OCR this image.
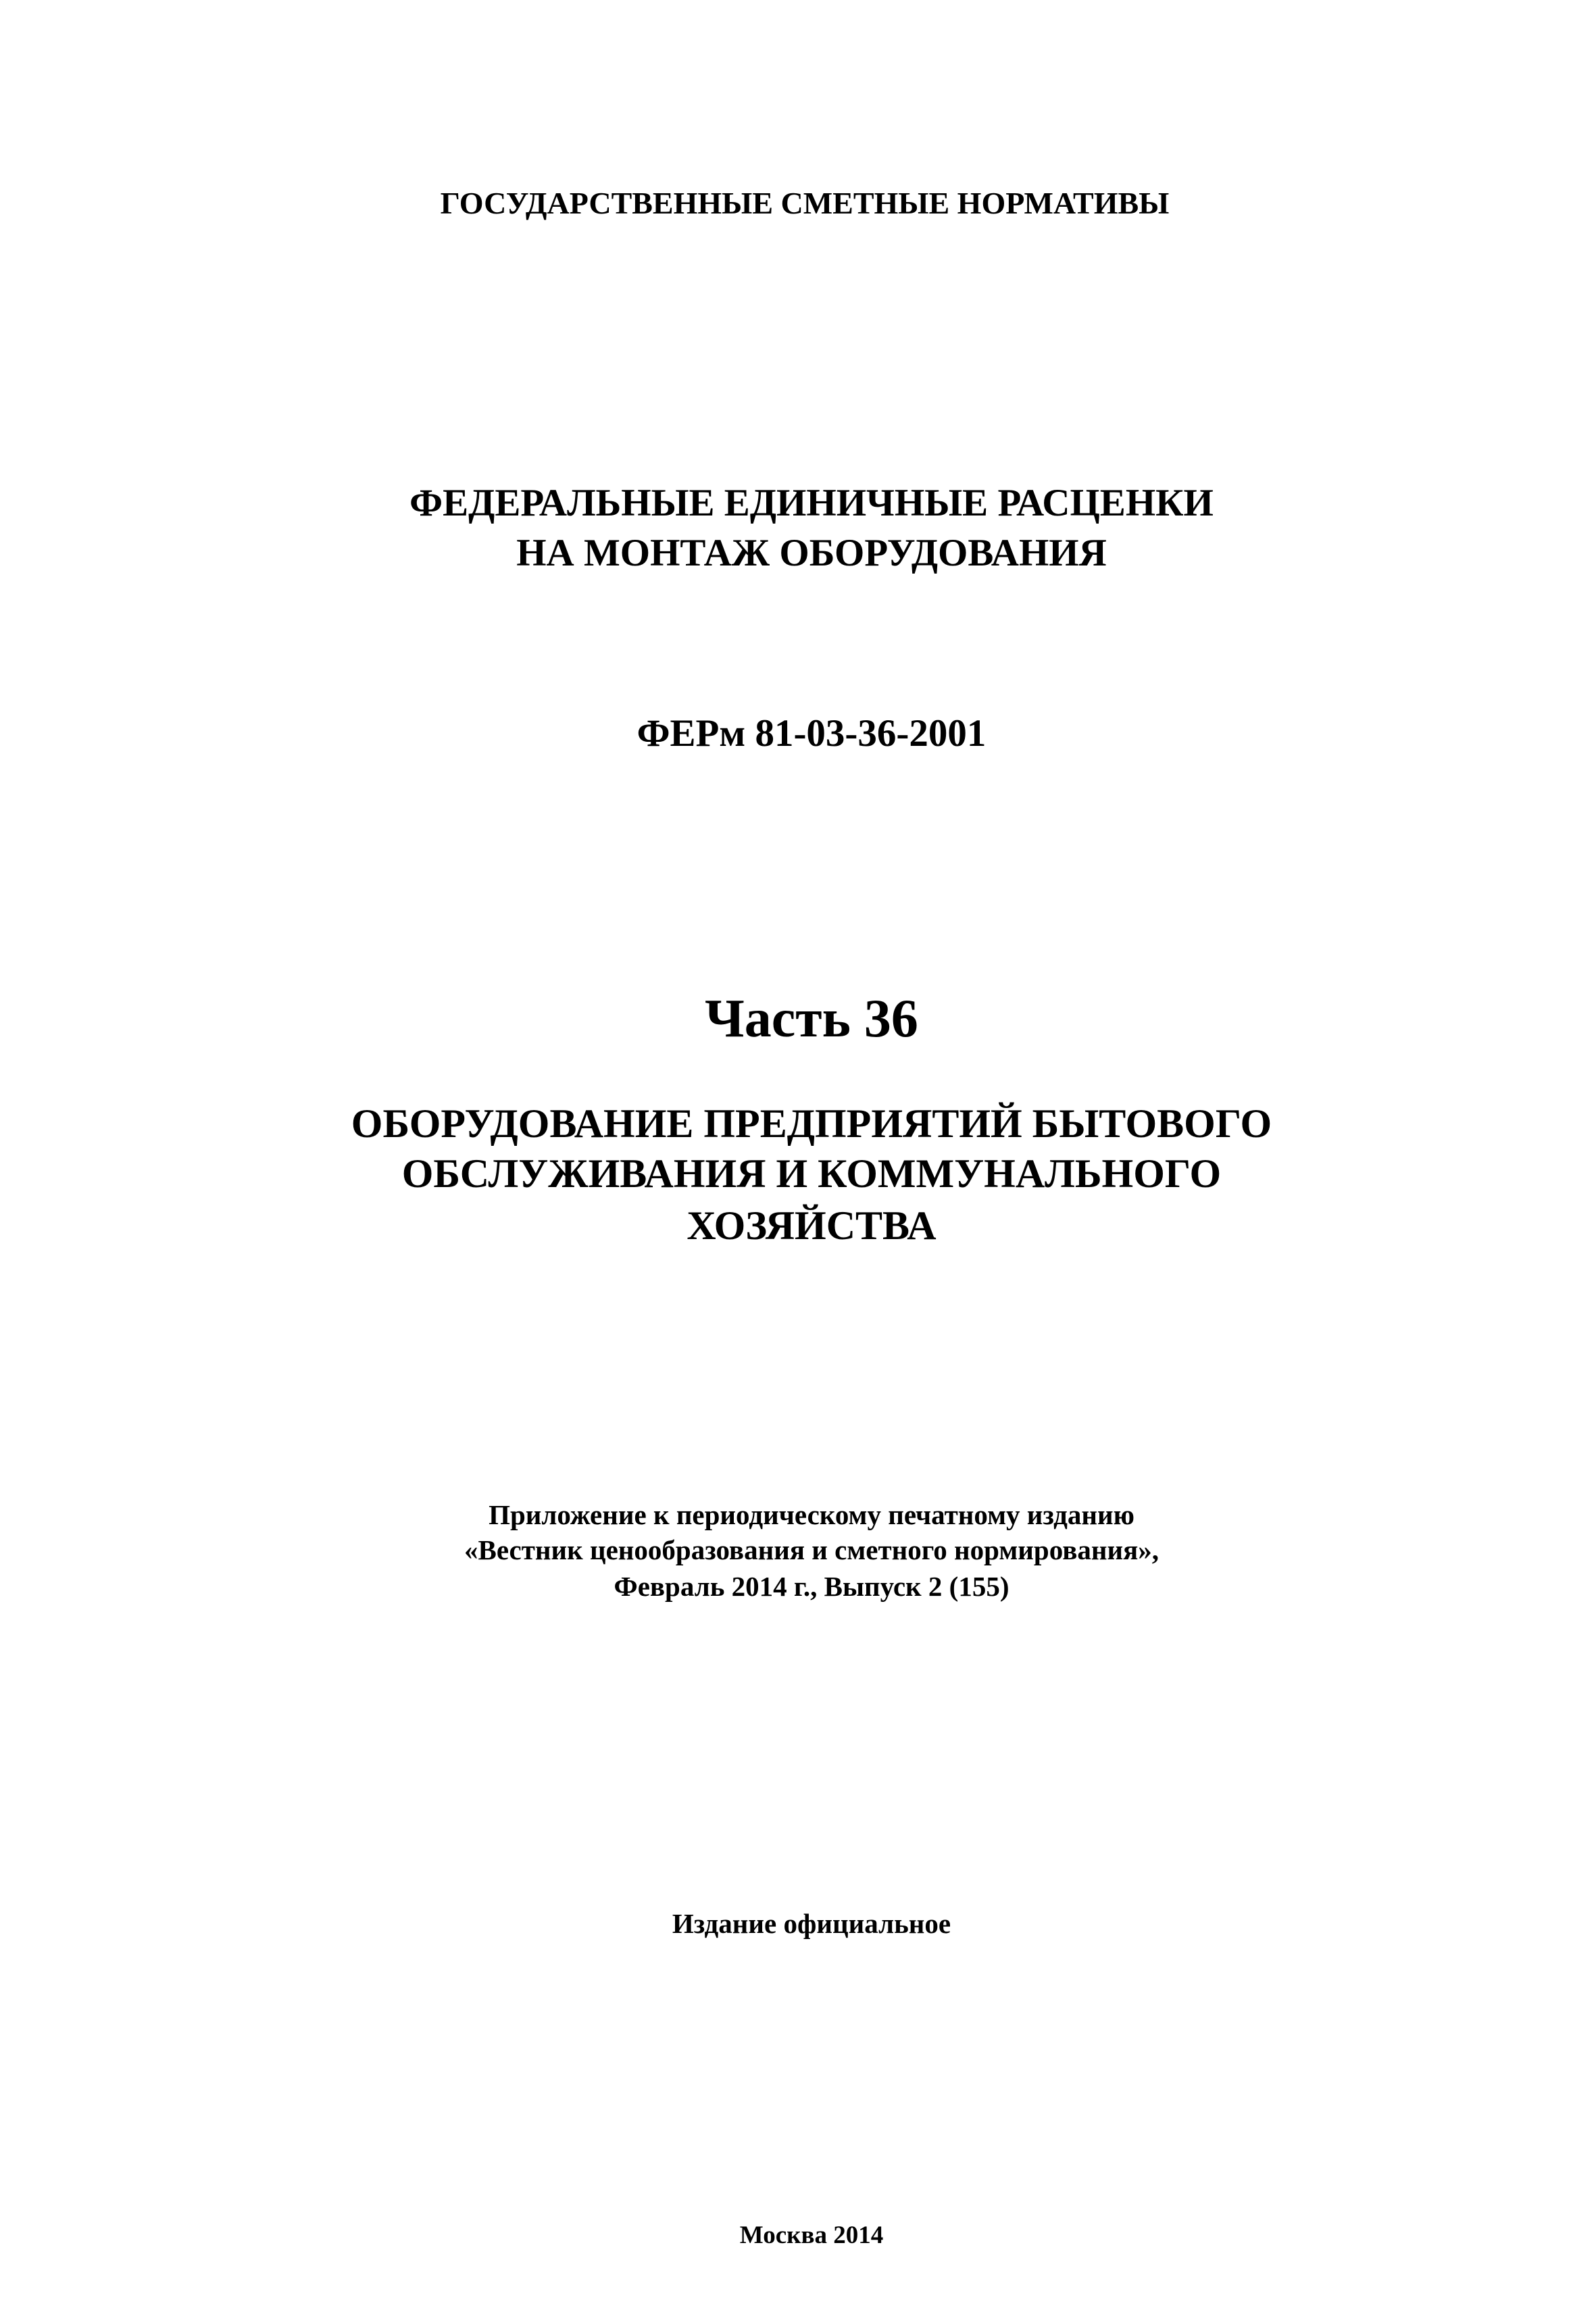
ГОСУДАРСТВЕННЫЕ СМЕТНЫЕ НОРМАТИВЫ
ФЕДЕРАЛЬНЫЕ ЕДИНИЧНЫЕ РАСЦЕНКИ
НА МОНТАЖ ОБОРУДОВАНИЯ
ФЕРм 81-03-36-2001
Часть 36
ОБОРУДОВАНИЕ ПРЕДПРИЯТИЙ БЫТОВОГО
ОБСЛУЖИВАНИЯ И КОММУНАЛЬНОГО
ХОЗЯЙСТВА
Приложение к периодическому печатному изданию
«Вестник ценообразования и сметного нормирования»,
Февраль 2014 г., Выпуск 2 (155)
Издание официальное
Москва 2014
